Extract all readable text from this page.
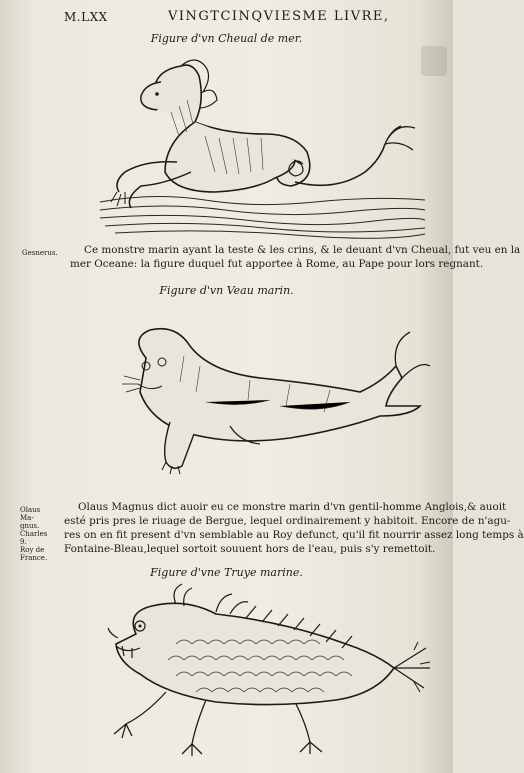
M.LXX	VINGTCINQVIESME LIVRE,
Figure d'vn Cheual de mer.
Gesnerus.	Ce monstre marin ayant la teste & les crins, & le deuant d'vn Cheual, fut veu en la
mer Oceane: la figure duquel fut apportee à Rome, au Pape pour lors regnant.
Figure d'vn Veau marin.
Olaus Ma-
gnus.
Charles 9.
Roy de
France.
Olaus Magnus dict auoir eu ce monstre marin d'vn gentil-homme Anglois,& auoit
esté pris pres le riuage de Bergue, lequel ordinairement y habitoit. Encore de n'agu-
res on en fit present d'vn semblable au Roy defunct, qu'il fit nourrir assez long temps à
Fontaine-Bleau,lequel sortoit souuent hors de l'eau, puis s'y remettoit.
Figure d'vne Truye marine.
